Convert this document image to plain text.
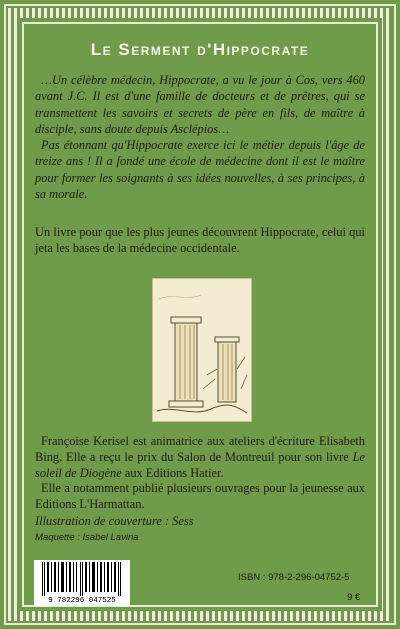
Le Serment d'Hippocrate

…Un célèbre médecin, Hippocrate, a vu le jour à Cos, vers 460 avant J.C. Il est d'une famille de docteurs et de prêtres, qui se transmettent les savoirs et secrets de père en fils, de maître à disciple, sans doute depuis Asclépios…

Pas étonnant qu'Hippocrate exerce ici le métier depuis l'âge de treize ans ! Il a fondé une école de médecine dont il est le maître pour former les soignants à ses idées nouvelles, à ses principes, à sa morale.

Un livre pour que les plus jeunes découvrent Hippocrate, celui qui jeta les bases de la médecine occidentale.

Françoise Kerisel est animatrice aux ateliers d'écriture Elisabeth Bing. Elle a reçu le prix du Salon de Montreuil pour son livre Le soleil de Diogène aux Editions Hatier.

Elle a notamment publié plusieurs ouvrages pour la jeunesse aux Editions L'Harmattan.

Illustration de couverture : Sess
Maquette : Isabel Lavina
9 782296 047525
ISBN : 978-2-296-04752-5
9 €
